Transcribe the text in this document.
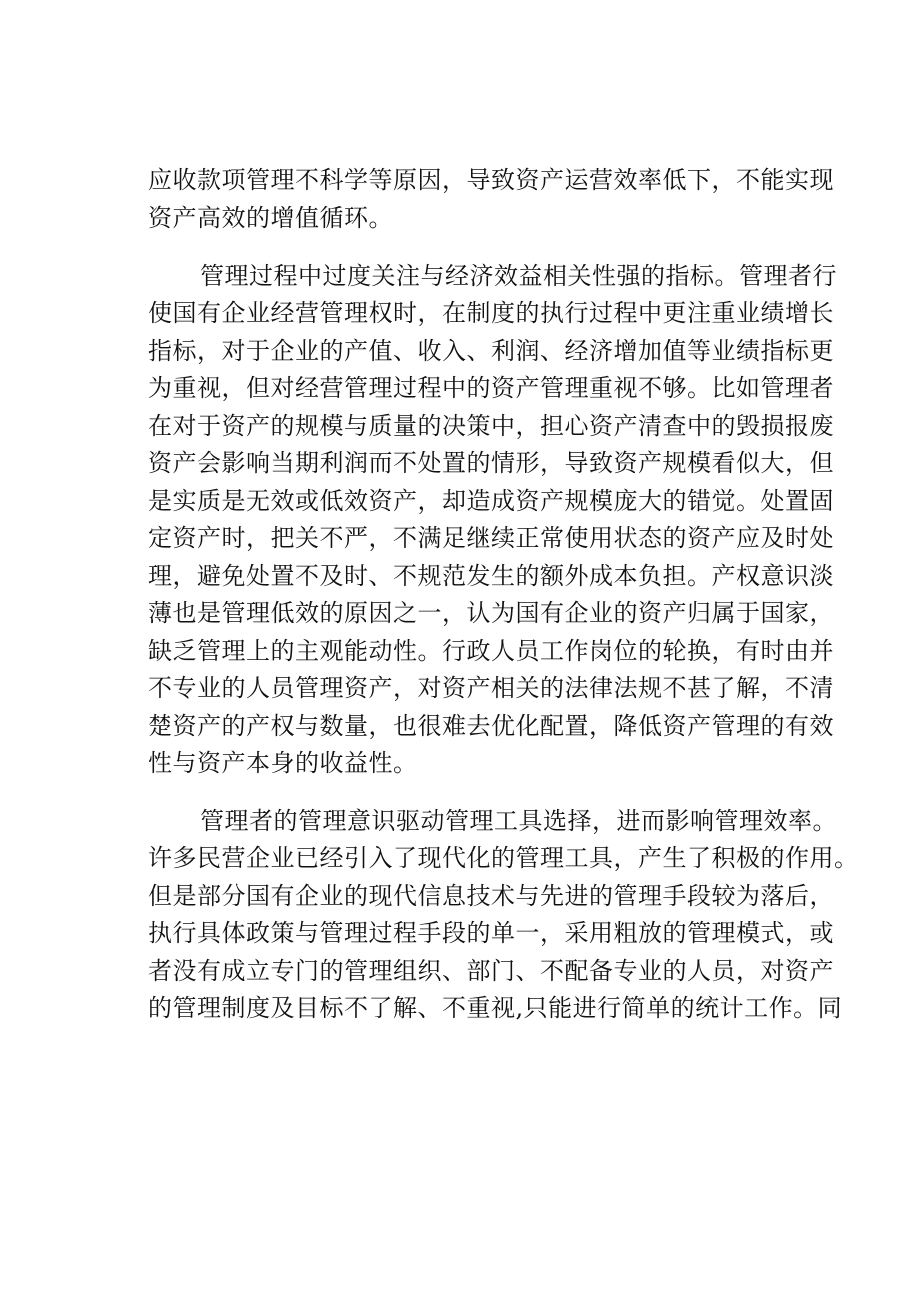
应收款项管理不科学等原因，导致资产运营效率低下，不能实现
资产高效的增值循环。
管理过程中过度关注与经济效益相关性强的指标。管理者行
使国有企业经营管理权时，在制度的执行过程中更注重业绩增长
指标，对于企业的产值、收入、利润、经济增加值等业绩指标更
为重视，但对经营管理过程中的资产管理重视不够。比如管理者
在对于资产的规模与质量的决策中，担心资产清查中的毁损报废
资产会影响当期利润而不处置的情形，导致资产规模看似大，但
是实质是无效或低效资产，却造成资产规模庞大的错觉。处置固
定资产时，把关不严，不满足继续正常使用状态的资产应及时处
理，避免处置不及时、不规范发生的额外成本负担。产权意识淡
薄也是管理低效的原因之一，认为国有企业的资产归属于国家，
缺乏管理上的主观能动性。行政人员工作岗位的轮换，有时由并
不专业的人员管理资产，对资产相关的法律法规不甚了解，不清
楚资产的产权与数量，也很难去优化配置，降低资产管理的有效
性与资产本身的收益性。
管理者的管理意识驱动管理工具选择，进而影响管理效率。
许多民营企业已经引入了现代化的管理工具，产生了积极的作用。
但是部分国有企业的现代信息技术与先进的管理手段较为落后，
执行具体政策与管理过程手段的单一，采用粗放的管理模式，或
者没有成立专门的管理组织、部门、不配备专业的人员，对资产
的管理制度及目标不了解、不重视,只能进行简单的统计工作。同
